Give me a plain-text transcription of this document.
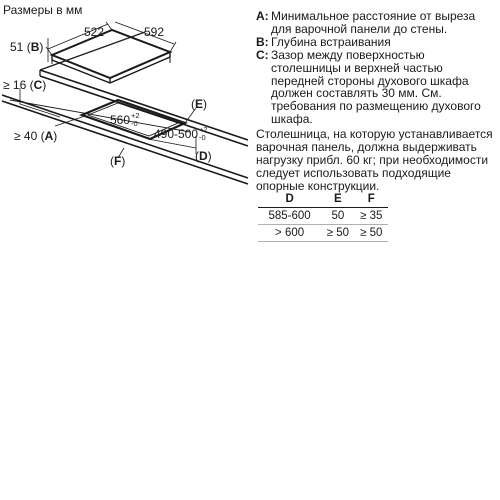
522	592
51 (B)
≥ 16 (C)
≥ 40 (A)
(E)
(D)
(F)
560 +2
-0
490-500 +2
-0
Размеры в мм	A: Минимальное расстояние от выреза для варочной панели до стены.
B: Глубина встраивания
C: Зазор между поверхностью столешницы и верхней частью передней стороны духового шкафа должен составлять 30 мм. См. требования по размещению духового шкафа.
Столешница, на которую устанавливается варочная панель, должна выдерживать нагрузку прибл. 60 кг; при необходимости следует использовать подходящие опорные конструкции.
D	E	F
585-600	50	≥ 35
> 600	≥ 50	≥ 50
